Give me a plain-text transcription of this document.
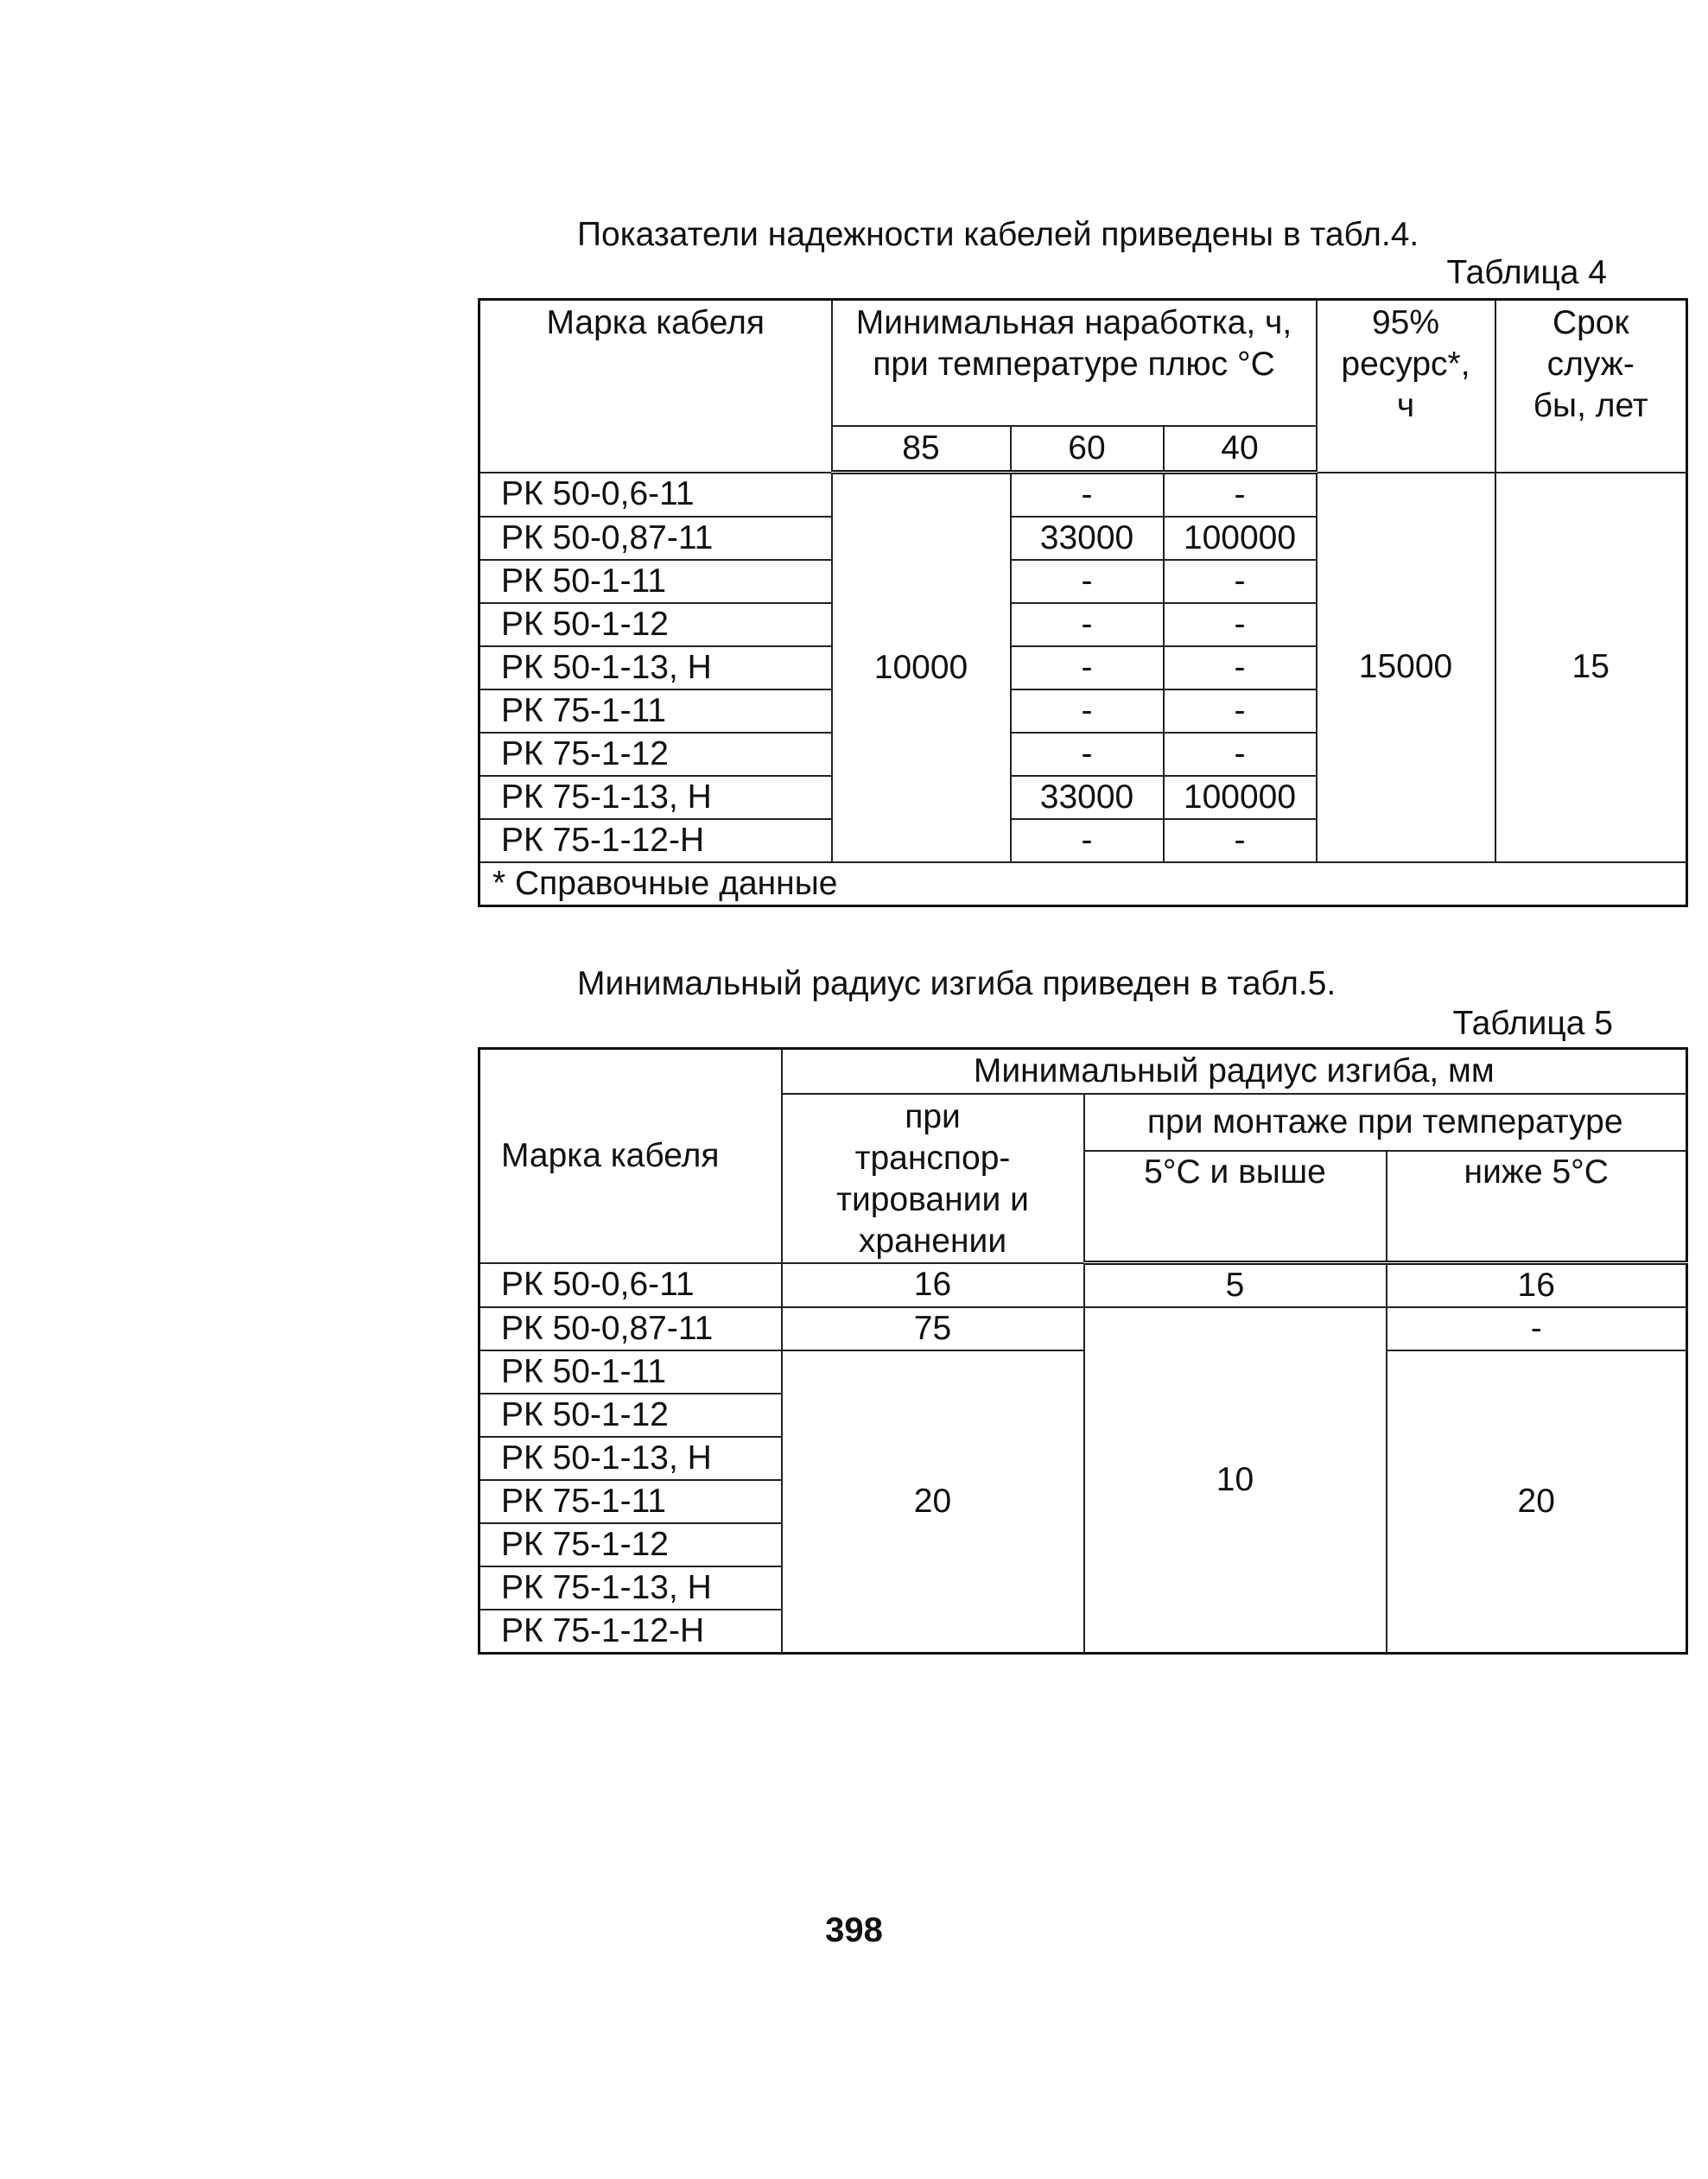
Показатели надежности кабелей приведены в табл.4.
Таблица 4
Марка кабеля	Минимальная наработка, ч, при температуре плюс °С			95% ресурс*, ч	Срок служ-бы, лет
	85	60	40		
РК 50-0,6-11	10000	-	-	15000	15
РК 50-0,87-11		33000	100000		
РК 50-1-11		-	-		
РК 50-1-12		-	-		
РК 50-1-13, Н		-	-		
РК 75-1-11		-	-		
РК 75-1-12		-	-		
РК 75-1-13, Н		33000	100000		
РК 75-1-12-Н		-	-		
* Справочные данные					
Минимальный радиус изгиба приведен в табл.5.
Таблица 5
Марка кабеля	Минимальный радиус изгиба, мм		
	при транспор-тировании и хранении	при монтаже при температуре	
		5°С и выше	ниже 5°С
РК 50-0,6-11	16	5	16
РК 50-0,87-11	75	10	-
РК 50-1-11	20		20
РК 50-1-12			
РК 50-1-13, Н			
РК 75-1-11			
РК 75-1-12			
РК 75-1-13, Н			
РК 75-1-12-Н			
398
